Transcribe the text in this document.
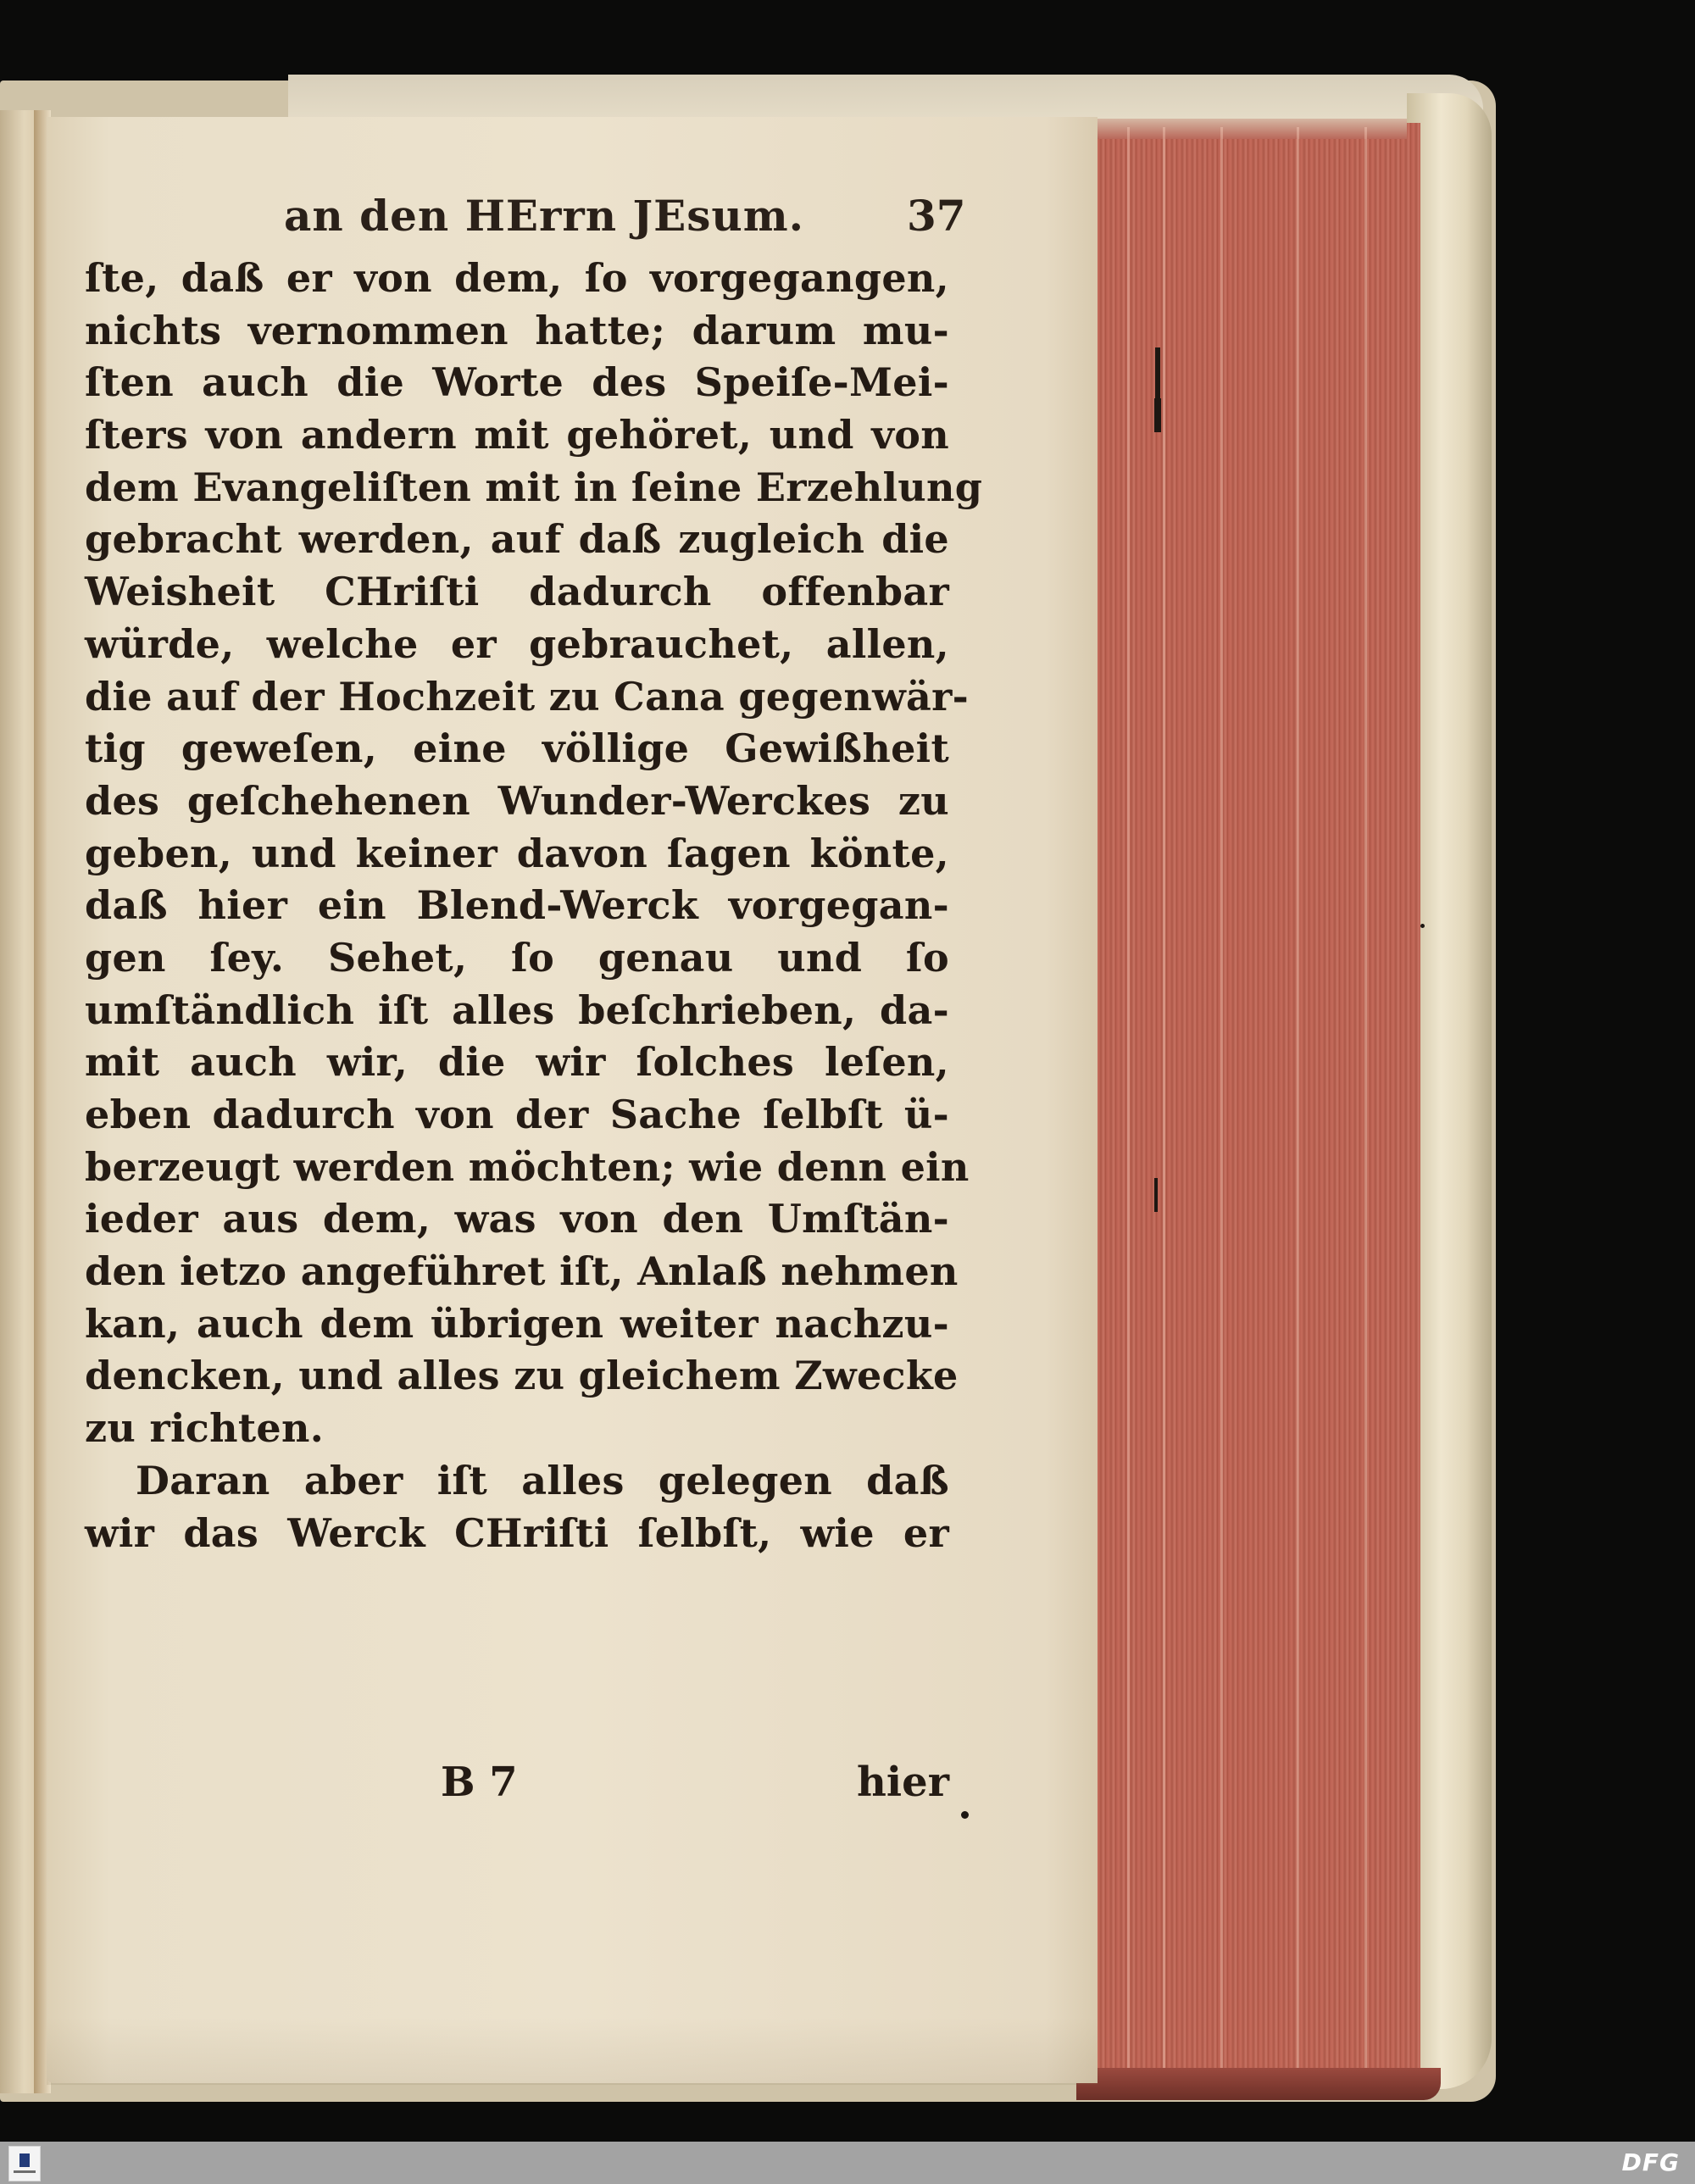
an den HErrn JEsum. 37
ſte, daß er von dem, ſo vorgegangen,
nichts vernommen hatte; darum mu-
ſten auch die Worte des Speiſe-Mei-
ſters von andern mit gehöret, und von
dem Evangeliſten mit in ſeine Erzehlung
gebracht werden, auf daß zugleich die
Weisheit CHriſti dadurch offenbar
würde, welche er gebrauchet, allen,
die auf der Hochzeit zu Cana gegenwär-
tig geweſen, eine völlige Gewißheit
des geſchehenen Wunder-Werckes zu
geben, und keiner davon ſagen könte,
daß hier ein Blend-Werck vorgegan-
gen ſey. Sehet, ſo genau und ſo
umſtändlich iſt alles beſchrieben, da-
mit auch wir, die wir ſolches leſen,
eben dadurch von der Sache ſelbſt ü-
berzeugt werden möchten; wie denn ein
ieder aus dem, was von den Umſtän-
den ietzo angeführet iſt, Anlaß nehmen
kan, auch dem übrigen weiter nachzu-
dencken, und alles zu gleichem Zwecke
zu richten.
Daran aber iſt alles gelegen daß
wir das Werck CHriſti ſelbſt, wie er
B 7	hier
DFG
